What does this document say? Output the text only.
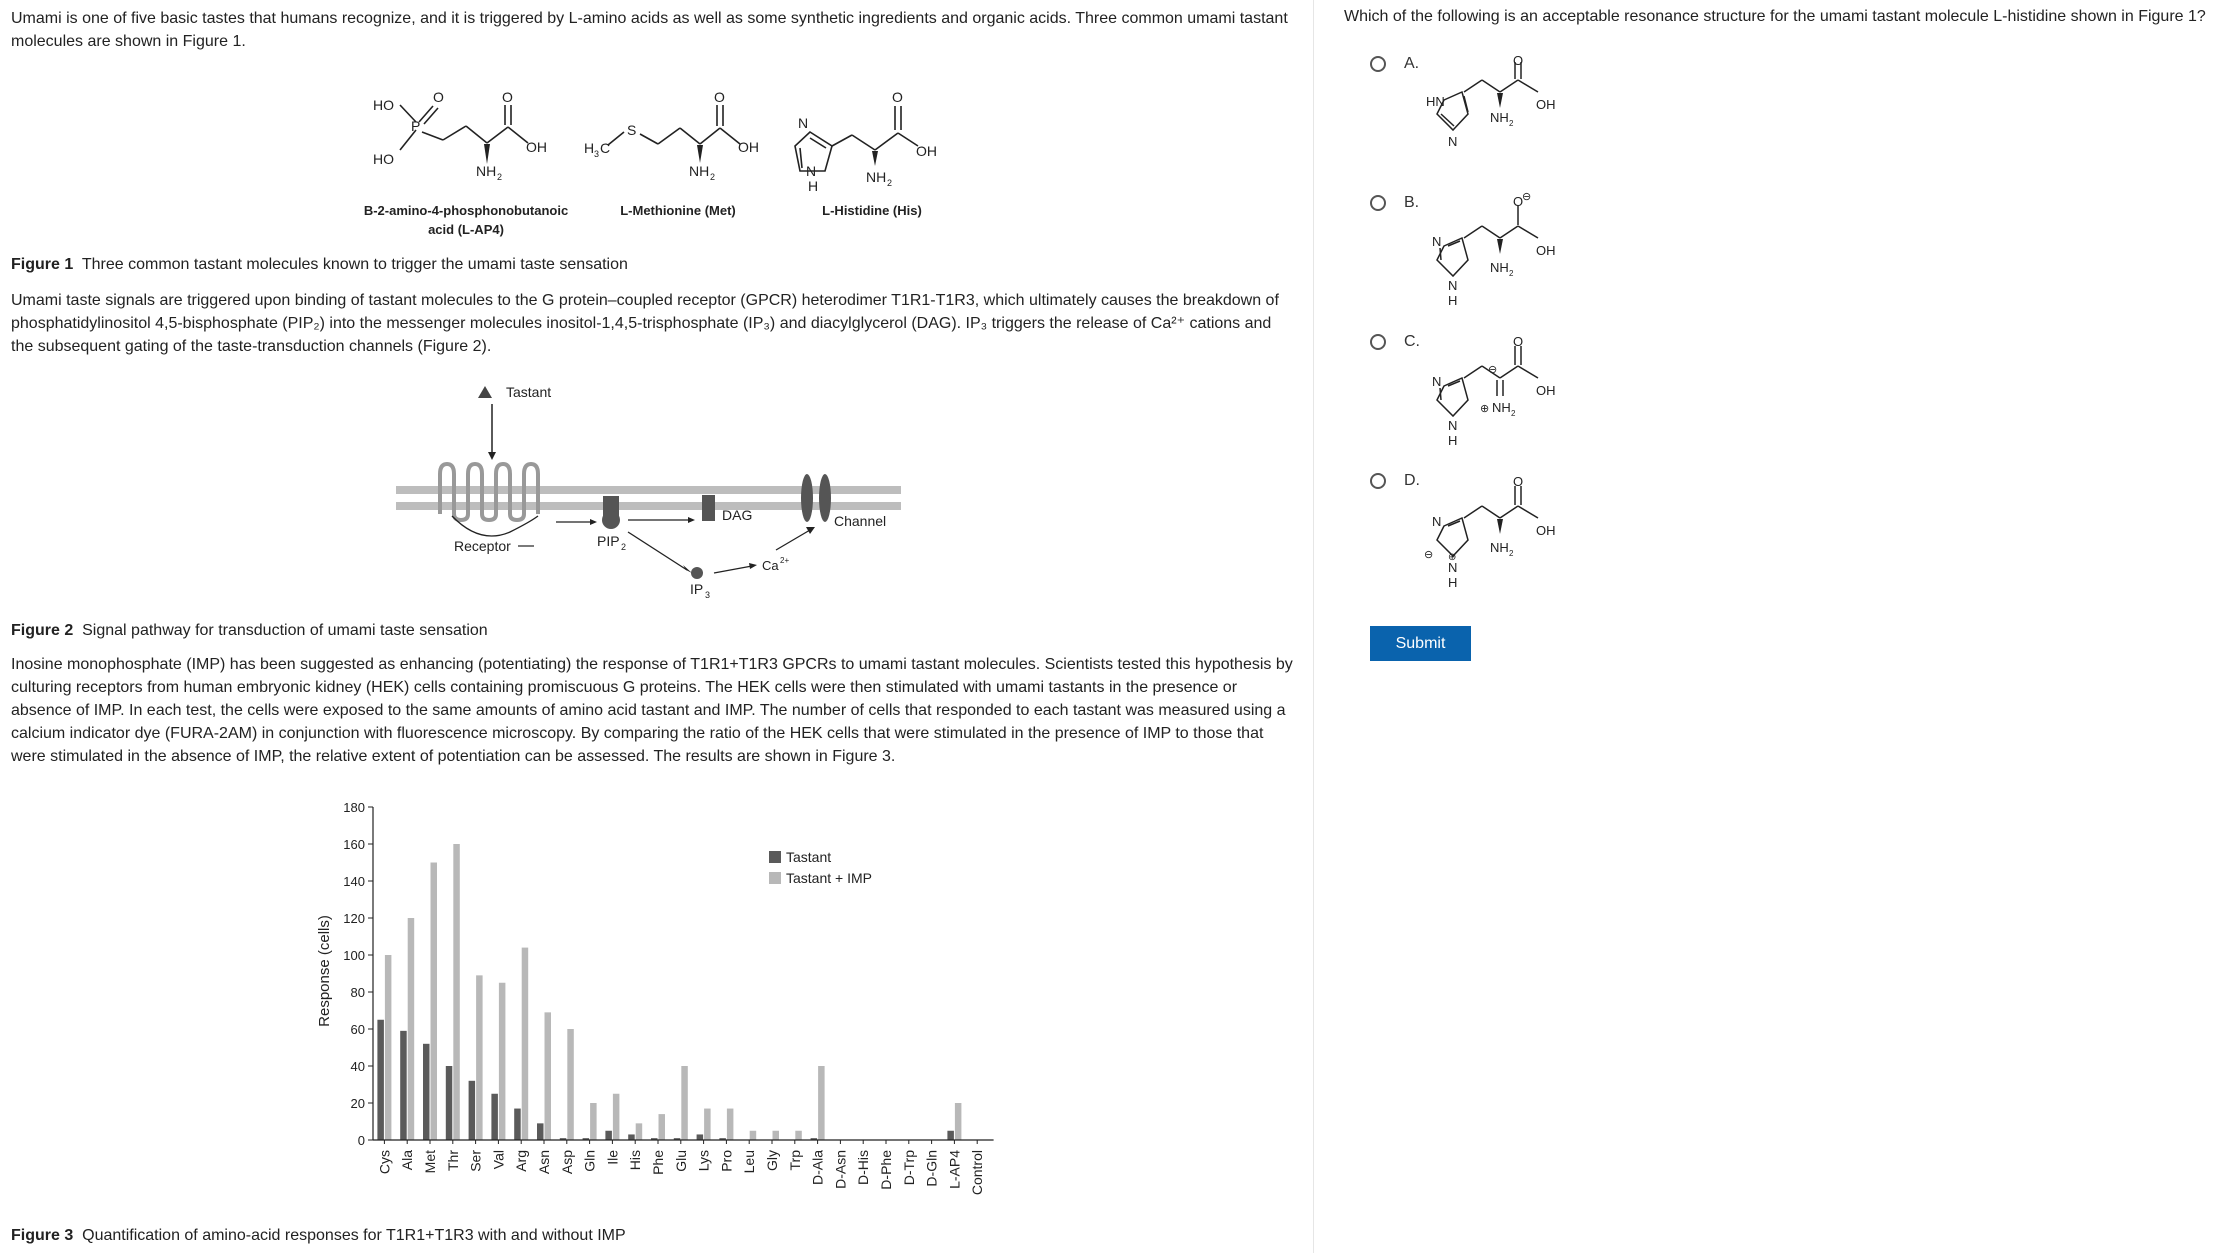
Umami is one of five basic tastes that humans recognize, and it is triggered by L-amino acids as well as some synthetic ingredients and organic acids. Three common umami tastant molecules are shown in Figure 1.

HO
HO
P
O	O
OH
NH 2
H 3 C
S
O
OH
NH 2
N
N
H
O
OH
NH 2
B-2-amino-4-phosphonobutanoic
acid (L-AP4)
L-Methionine (Met)	L-Histidine (His)

Figure 1 Three common tastant molecules known to trigger the umami taste sensation

Umami taste signals are triggered upon binding of tastant molecules to the G protein–coupled receptor (GPCR) heterodimer T1R1-T1R3, which ultimately causes the breakdown of phosphatidylinositol 4,5-bisphosphate (PIP₂) into the messenger molecules inositol-1,4,5-trisphosphate (IP₃) and diacylglycerol (DAG). IP₃ triggers the release of Ca²⁺ cations and the subsequent gating of the taste-transduction channels (Figure 2).

Tastant
Receptor	PIP 2
DAG
IP 3
Ca 2+
Channel

Figure 2 Signal pathway for transduction of umami taste sensation

Inosine monophosphate (IMP) has been suggested as enhancing (potentiating) the response of T1R1+T1R3 GPCRs to umami tastant molecules. Scientists tested this hypothesis by culturing receptors from human embryonic kidney (HEK) cells containing promiscuous G proteins. The HEK cells were then stimulated with umami tastants in the presence or absence of IMP. In each test, the cells were exposed to the same amounts of amino acid tastant and IMP. The number of cells that responded to each tastant was measured using a calcium indicator dye (FURA-2AM) in conjunction with fluorescence microscopy. By comparing the ratio of the HEK cells that were stimulated in the presence of IMP to those that were stimulated in the absence of IMP, the relative extent of potentiation can be assessed. The results are shown in Figure 3.

Response (cells)
0
20
40
60
80
100
120
140
160
180
Cys Ala Met Thr Ser Val Arg Asn Asp Gln Ile His Phe Glu Lys Pro Leu Gly Trp D-Ala D-Asn D-His D-Phe D-Trp D-Gln L-AP4 Control
Tastant
Tastant + IMP

Figure 3 Quantification of amino-acid responses for T1R1+T1R3 with and without IMP

Which of the following is an acceptable resonance structure for the umami tastant molecule L-histidine shown in Figure 1?

A.
HN
N
O
OH
NH 2
B.
N
N
H
O
⊖
OH
NH 2
C.
N
N
H
O
⊖
OH
⊕ NH 2
D.
N
⊖ ⊕
N
H
O
OH
NH 2
Submit
